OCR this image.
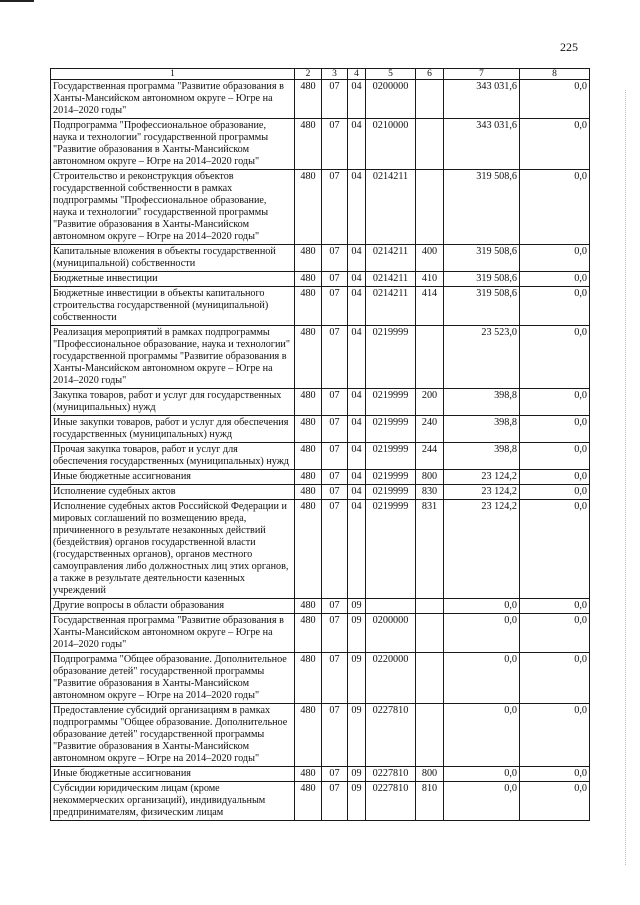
225
1	2	3	4	5	6	7	8
Государственная программа "Развитие образования в Ханты-Мансийском автономном округе – Югре на 2014–2020 годы"	480	07	04	0200000		343 031,6	0,0
Подпрограмма "Профессиональное образование, наука и технологии" государственной программы "Развитие образования в Ханты-Мансийском автономном округе – Югре на 2014–2020 годы"	480	07	04	0210000		343 031,6	0,0
Строительство и реконструкция объектов государственной собственности в рамках подпрограммы "Профессиональное образование, наука и технологии" государственной программы "Развитие образования в Ханты-Мансийском автономном округе – Югре на 2014–2020 годы"	480	07	04	0214211		319 508,6	0,0
Капитальные вложения в объекты государственной (муниципальной) собственности	480	07	04	0214211	400	319 508,6	0,0
Бюджетные инвестиции	480	07	04	0214211	410	319 508,6	0,0
Бюджетные инвестиции в объекты капитального строительства государственной (муниципальной) собственности	480	07	04	0214211	414	319 508,6	0,0
Реализация мероприятий в рамках подпрограммы "Профессиональное образование, наука и технологии" государственной программы "Развитие образования в Ханты-Мансийском автономном округе – Югре на 2014–2020 годы"	480	07	04	0219999		23 523,0	0,0
Закупка товаров, работ и услуг для государственных (муниципальных) нужд	480	07	04	0219999	200	398,8	0,0
Иные закупки товаров, работ и услуг для обеспечения государственных (муниципальных) нужд	480	07	04	0219999	240	398,8	0,0
Прочая закупка товаров, работ и услуг для обеспечения государственных (муниципальных) нужд	480	07	04	0219999	244	398,8	0,0
Иные бюджетные ассигнования	480	07	04	0219999	800	23 124,2	0,0
Исполнение судебных актов	480	07	04	0219999	830	23 124,2	0,0
Исполнение судебных актов Российской Федерации и мировых соглашений по возмещению вреда, причиненного в результате незаконных действий (бездействия) органов государственной власти (государственных органов), органов местного самоуправления либо должностных лиц этих органов, а также в результате деятельности казенных учреждений	480	07	04	0219999	831	23 124,2	0,0
Другие вопросы в области образования	480	07	09			0,0	0,0
Государственная программа "Развитие образования в Ханты-Мансийском автономном округе – Югре на 2014–2020 годы"	480	07	09	0200000		0,0	0,0
Подпрограмма "Общее образование. Дополнительное образование детей" государственной программы "Развитие образования в Ханты-Мансийском автономном округе – Югре на 2014–2020 годы"	480	07	09	0220000		0,0	0,0
Предоставление субсидий организациям в рамках подпрограммы "Общее образование. Дополнительное образование детей" государственной программы "Развитие образования в Ханты-Мансийском автономном округе – Югре на 2014–2020 годы"	480	07	09	0227810		0,0	0,0
Иные бюджетные ассигнования	480	07	09	0227810	800	0,0	0,0
Субсидии юридическим лицам (кроме некоммерческих организаций), индивидуальным предпринимателям, физическим лицам	480	07	09	0227810	810	0,0	0,0
